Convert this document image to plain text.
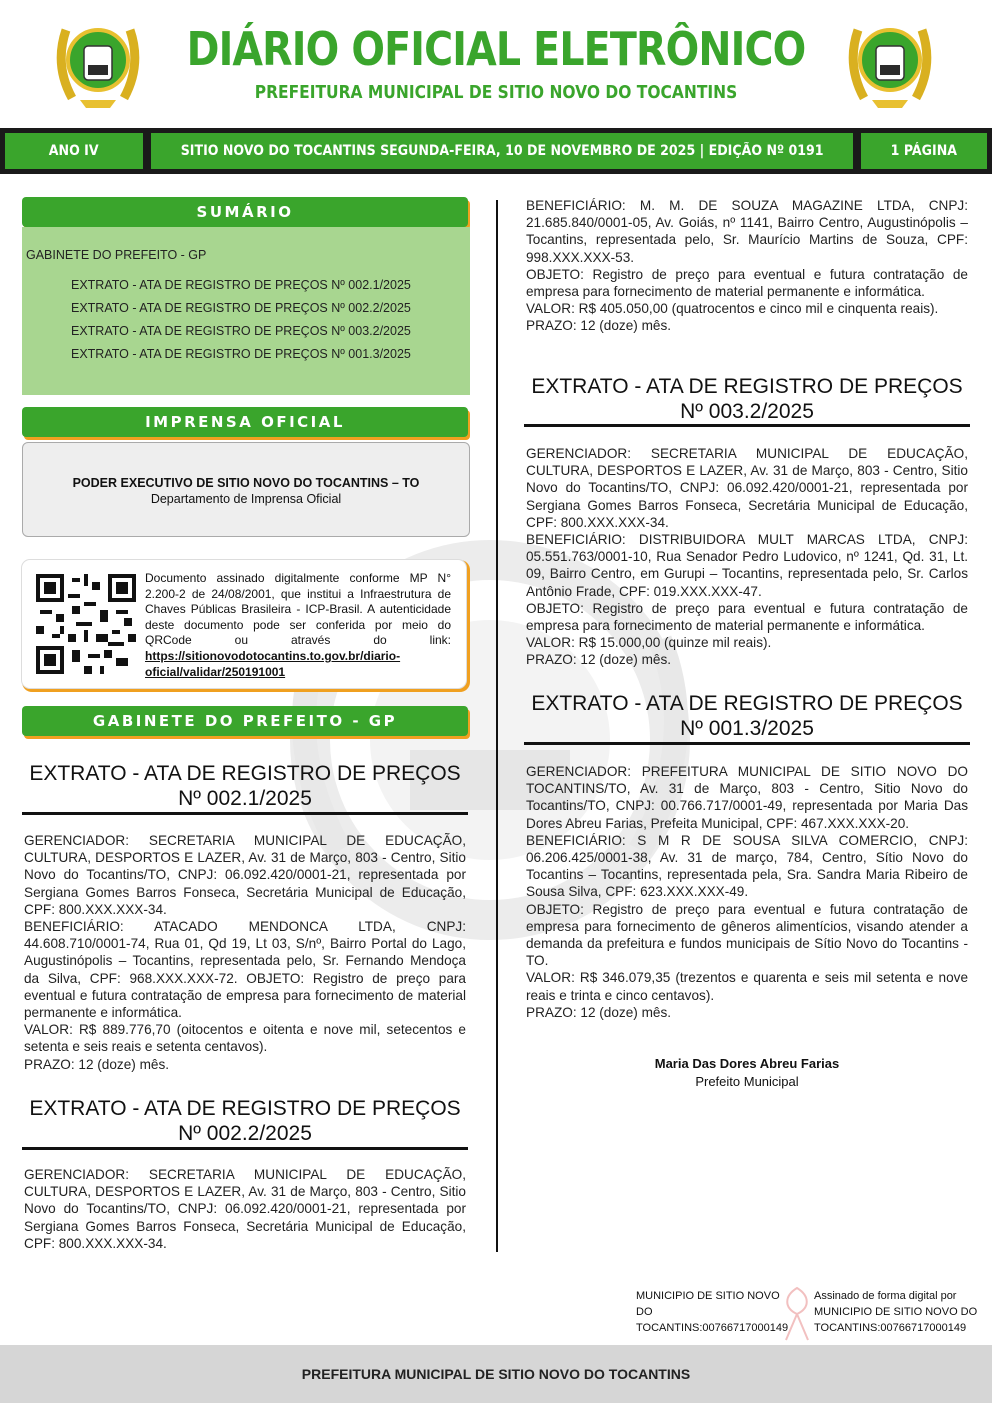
DIÁRIO OFICIAL ELETRÔNICO
PREFEITURA MUNICIPAL DE SITIO NOVO DO TOCANTINS
ANO IV	SITIO NOVO DO TOCANTINS SEGUNDA-FEIRA, 10 DE NOVEMBRO DE 2025 | EDIÇÃO Nº 0191	1 PÁGINA
SUMÁRIO
GABINETE DO PREFEITO - GP
EXTRATO - ATA DE REGISTRO DE PREÇOS Nº 002.1/2025
EXTRATO - ATA DE REGISTRO DE PREÇOS Nº 002.2/2025
EXTRATO - ATA DE REGISTRO DE PREÇOS Nº 003.2/2025
EXTRATO - ATA DE REGISTRO DE PREÇOS Nº 001.3/2025
IMPRENSA OFICIAL
PODER EXECUTIVO DE SITIO NOVO DO TOCANTINS – TO
Departamento de Imprensa Oficial
Documento assinado digitalmente conforme MP N° 2.200-2 de 24/08/2001, que institui a Infraestrutura de Chaves Públicas Brasileira - ICP-Brasil. A autenticidade deste documento pode ser conferida por meio do QRCode ou através do link: https://sitionovodotocantins.to.gov.br/diario-oficial/validar/250191001
GABINETE DO PREFEITO - GP
EXTRATO - ATA DE REGISTRO DE PREÇOS Nº 002.1/2025

GERENCIADOR: SECRETARIA MUNICIPAL DE EDUCAÇÃO, CULTURA, DESPORTOS E LAZER, Av. 31 de Março, 803 - Centro, Sitio Novo do Tocantins/TO, CNPJ: 06.092.420/0001-21, representada por Sergiana Gomes Barros Fonseca, Secretária Municipal de Educação, CPF: 800.XXX.XXX-34.

BENEFICIÁRIO: ATACADO MENDONCA LTDA, CNPJ: 44.608.710/0001-74, Rua 01, Qd 19, Lt 03, S/nº, Bairro Portal do Lago, Augustinópolis – Tocantins, representada pelo, Sr. Fernando Mendoça da Silva, CPF: 968.XXX.XXX-72. OBJETO: Registro de preço para eventual e futura contratação de empresa para fornecimento de material permanente e informática.

VALOR: R$ 889.776,70 (oitocentos e oitenta e nove mil, setecentos e setenta e seis reais e setenta centavos).

PRAZO: 12 (doze) mês.

EXTRATO - ATA DE REGISTRO DE PREÇOS Nº 002.2/2025

GERENCIADOR: SECRETARIA MUNICIPAL DE EDUCAÇÃO, CULTURA, DESPORTOS E LAZER, Av. 31 de Março, 803 - Centro, Sitio Novo do Tocantins/TO, CNPJ: 06.092.420/0001-21, representada por Sergiana Gomes Barros Fonseca, Secretária Municipal de Educação, CPF: 800.XXX.XXX-34.

BENEFICIÁRIO: M. M. DE SOUZA MAGAZINE LTDA, CNPJ: 21.685.840/0001-05, Av. Goiás, nº 1141, Bairro Centro, Augustinópolis – Tocantins, representada pelo, Sr. Maurício Martins de Souza, CPF: 998.XXX.XXX-53.

OBJETO: Registro de preço para eventual e futura contratação de empresa para fornecimento de material permanente e informática.

VALOR: R$ 405.050,00 (quatrocentos e cinco mil e cinquenta reais).

PRAZO: 12 (doze) mês.

EXTRATO - ATA DE REGISTRO DE PREÇOS Nº 003.2/2025

GERENCIADOR: SECRETARIA MUNICIPAL DE EDUCAÇÃO, CULTURA, DESPORTOS E LAZER, Av. 31 de Março, 803 - Centro, Sitio Novo do Tocantins/TO, CNPJ: 06.092.420/0001-21, representada por Sergiana Gomes Barros Fonseca, Secretária Municipal de Educação, CPF: 800.XXX.XXX-34.

BENEFICIÁRIO: DISTRIBUIDORA MULT MARCAS LTDA, CNPJ: 05.551.763/0001-10, Rua Senador Pedro Ludovico, nº 1241, Qd. 31, Lt. 09, Bairro Centro, em Gurupi – Tocantins, representada pelo, Sr. Carlos Antônio Frade, CPF: 019.XXX.XXX-47.

OBJETO: Registro de preço para eventual e futura contratação de empresa para fornecimento de material permanente e informática.

VALOR: R$ 15.000,00 (quinze mil reais).

PRAZO: 12 (doze) mês.

EXTRATO - ATA DE REGISTRO DE PREÇOS Nº 001.3/2025

GERENCIADOR: PREFEITURA MUNICIPAL DE SITIO NOVO DO TOCANTINS/TO, Av. 31 de Março, 803 - Centro, Sitio Novo do Tocantins/TO, CNPJ: 00.766.717/0001-49, representada por Maria Das Dores Abreu Farias, Prefeita Municipal, CPF: 467.XXX.XXX-20.

BENEFICIÁRIO: S M R DE SOUSA SILVA COMERCIO, CNPJ: 06.206.425/0001-38, Av. 31 de março, 784, Centro, Sítio Novo do Tocantins – Tocantins, representada pela, Sra. Sandra Maria Ribeiro de Sousa Silva, CPF: 623.XXX.XXX-49.

OBJETO: Registro de preço para eventual e futura contratação de empresa para fornecimento de gêneros alimentícios, visando atender a demanda da prefeitura e fundos municipais de Sítio Novo do Tocantins - TO.

VALOR: R$ 346.079,35 (trezentos e quarenta e seis mil setenta e nove reais e trinta e cinco centavos).

PRAZO: 12 (doze) mês.

Maria Das Dores Abreu Farias
Prefeito Municipal
MUNICIPIO DE SITIO NOVO
DO
TOCANTINS:00766717000149
Assinado de forma digital por
MUNICIPIO DE SITIO NOVO DO
TOCANTINS:00766717000149
PREFEITURA MUNICIPAL DE SITIO NOVO DO TOCANTINS
